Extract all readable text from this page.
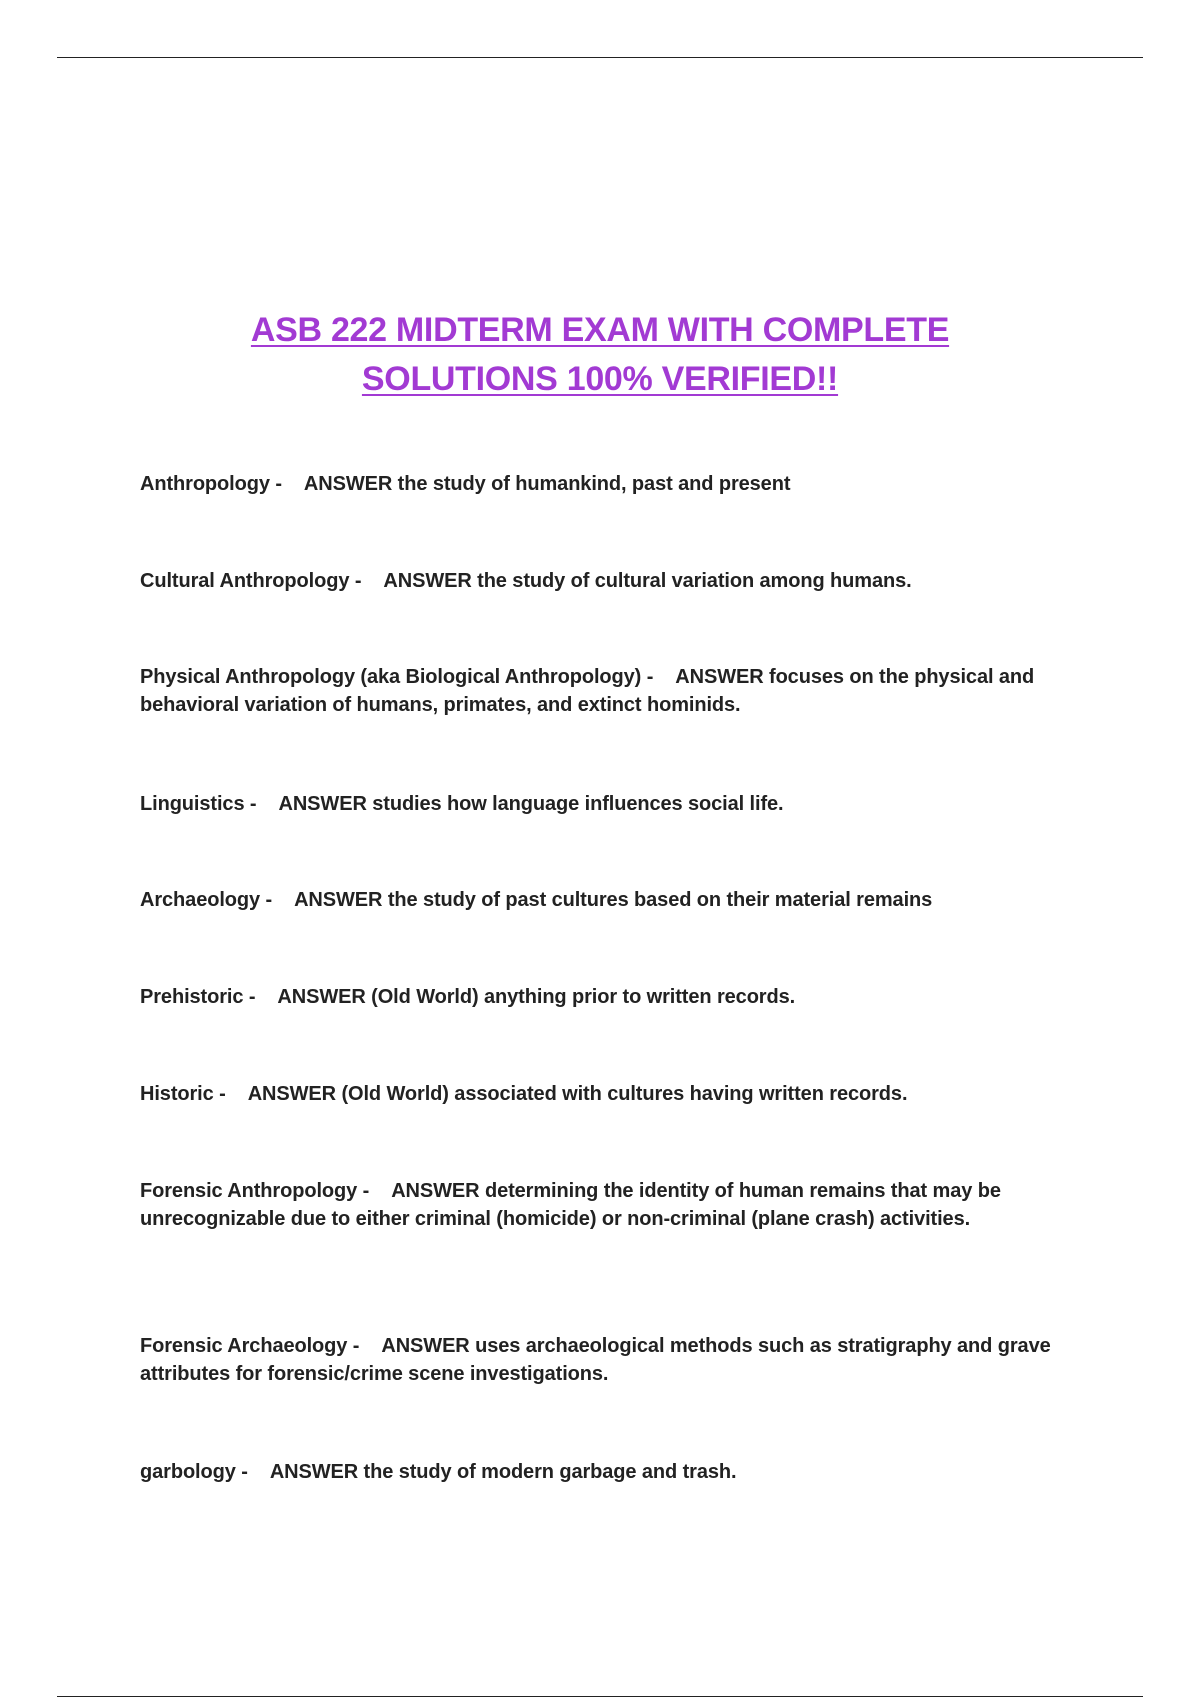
ASB 222 MIDTERM EXAM WITH COMPLETE
SOLUTIONS 100% VERIFIED!!

Anthropology - ANSWER the study of humankind, past and present

Cultural Anthropology - ANSWER the study of cultural variation among humans.

Physical Anthropology (aka Biological Anthropology) - ANSWER focuses on the physical and behavioral variation of humans, primates, and extinct hominids.

Linguistics - ANSWER studies how language influences social life.

Archaeology - ANSWER the study of past cultures based on their material remains

Prehistoric - ANSWER (Old World) anything prior to written records.

Historic - ANSWER (Old World) associated with cultures having written records.

Forensic Anthropology - ANSWER determining the identity of human remains that may be unrecognizable due to either criminal (homicide) or non-criminal (plane crash) activities.

Forensic Archaeology - ANSWER uses archaeological methods such as stratigraphy and grave attributes for forensic/crime scene investigations.

garbology - ANSWER the study of modern garbage and trash.
